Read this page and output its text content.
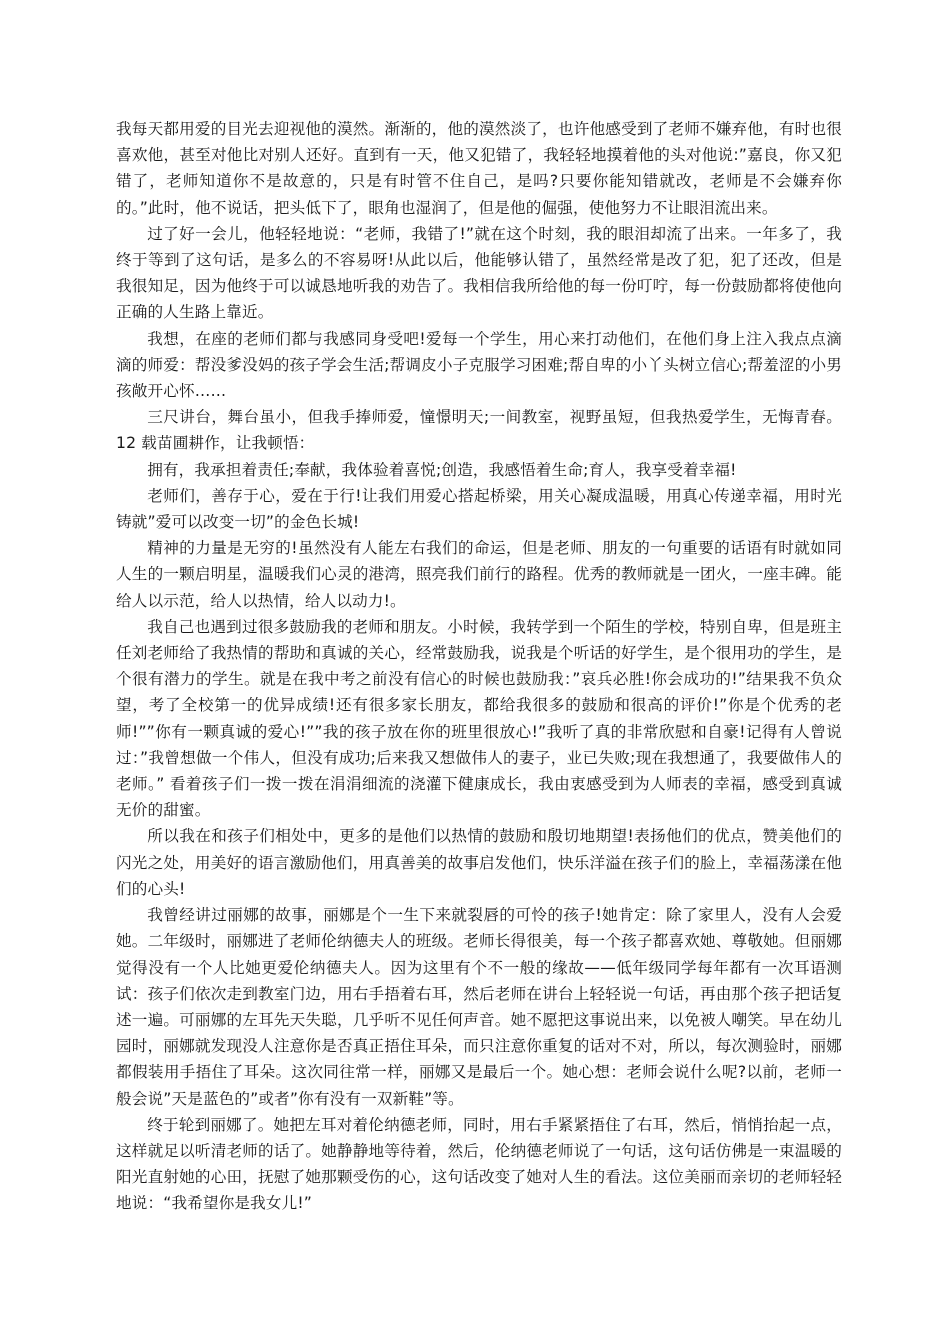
我每天都用爱的目光去迎视他的漠然。渐渐的，他的漠然淡了，也许他感受到了老师不嫌弃他，有时也很喜欢他，甚至对他比对别人还好。直到有一天，他又犯错了，我轻轻地摸着他的头对他说:”嘉良，你又犯错了，老师知道你不是故意的，只是有时管不住自己，是吗?只要你能知错就改，老师是不会嫌弃你的。”此时，他不说话，把头低下了，眼角也湿润了，但是他的倔强，使他努力不让眼泪流出来。

过了好一会儿，他轻轻地说：“老师，我错了!”就在这个时刻，我的眼泪却流了出来。一年多了，我终于等到了这句话，是多么的不容易呀!从此以后，他能够认错了，虽然经常是改了犯，犯了还改，但是我很知足，因为他终于可以诚恳地听我的劝告了。我相信我所给他的每一份叮咛，每一份鼓励都将使他向正确的人生路上靠近。

我想，在座的老师们都与我感同身受吧!爱每一个学生，用心来打动他们，在他们身上注入我点点滴滴的师爱：帮没爹没妈的孩子学会生活;帮调皮小子克服学习困难;帮自卑的小丫头树立信心;帮羞涩的小男孩敞开心怀……

三尺讲台，舞台虽小，但我手捧师爱，憧憬明天;一间教室，视野虽短，但我热爱学生，无悔青春。12 载苗圃耕作，让我顿悟：

拥有，我承担着责任;奉献，我体验着喜悦;创造，我感悟着生命;育人，我享受着幸福!

老师们，善存于心，爱在于行!让我们用爱心搭起桥梁，用关心凝成温暖，用真心传递幸福，用时光铸就”爱可以改变一切”的金色长城!

精神的力量是无穷的!虽然没有人能左右我们的命运，但是老师、朋友的一句重要的话语有时就如同人生的一颗启明星，温暖我们心灵的港湾，照亮我们前行的路程。优秀的教师就是一团火，一座丰碑。能给人以示范，给人以热情，给人以动力!。

我自己也遇到过很多鼓励我的老师和朋友。小时候，我转学到一个陌生的学校，特别自卑，但是班主任刘老师给了我热情的帮助和真诚的关心，经常鼓励我，说我是个听话的好学生，是个很用功的学生，是个很有潜力的学生。就是在我中考之前没有信心的时候也鼓励我：”哀兵必胜!你会成功的!”结果我不负众望，考了全校第一的优异成绩!还有很多家长朋友，都给我很多的鼓励和很高的评价!”你是个优秀的老师!””你有一颗真诚的爱心!””我的孩子放在你的班里很放心!”我听了真的非常欣慰和自豪!记得有人曾说过：”我曾想做一个伟人，但没有成功;后来我又想做伟人的妻子，业已失败;现在我想通了，我要做伟人的老师。” 看着孩子们一拨一拨在涓涓细流的浇灌下健康成长，我由衷感受到为人师表的幸福，感受到真诚无价的甜蜜。

所以我在和孩子们相处中，更多的是他们以热情的鼓励和殷切地期望!表扬他们的优点，赞美他们的闪光之处，用美好的语言激励他们，用真善美的故事启发他们，快乐洋溢在孩子们的脸上，幸福荡漾在他们的心头!

我曾经讲过丽娜的故事，丽娜是个一生下来就裂唇的可怜的孩子!她肯定：除了家里人，没有人会爱她。二年级时，丽娜进了老师伦纳德夫人的班级。老师长得很美，每一个孩子都喜欢她、尊敬她。但丽娜觉得没有一个人比她更爱伦纳德夫人。因为这里有个不一般的缘故——低年级同学每年都有一次耳语测试：孩子们依次走到教室门边，用右手捂着右耳，然后老师在讲台上轻轻说一句话，再由那个孩子把话复述一遍。可丽娜的左耳先天失聪，几乎听不见任何声音。她不愿把这事说出来，以免被人嘲笑。早在幼儿园时，丽娜就发现没人注意你是否真正捂住耳朵，而只注意你重复的话对不对，所以，每次测验时，丽娜都假装用手捂住了耳朵。这次同往常一样，丽娜又是最后一个。她心想：老师会说什么呢?以前，老师一般会说”天是蓝色的”或者”你有没有一双新鞋”等。

终于轮到丽娜了。她把左耳对着伦纳德老师，同时，用右手紧紧捂住了右耳，然后，悄悄抬起一点，这样就足以听清老师的话了。她静静地等待着，然后，伦纳德老师说了一句话，这句话仿佛是一束温暖的阳光直射她的心田，抚慰了她那颗受伤的心，这句话改变了她对人生的看法。这位美丽而亲切的老师轻轻地说：“我希望你是我女儿!”
